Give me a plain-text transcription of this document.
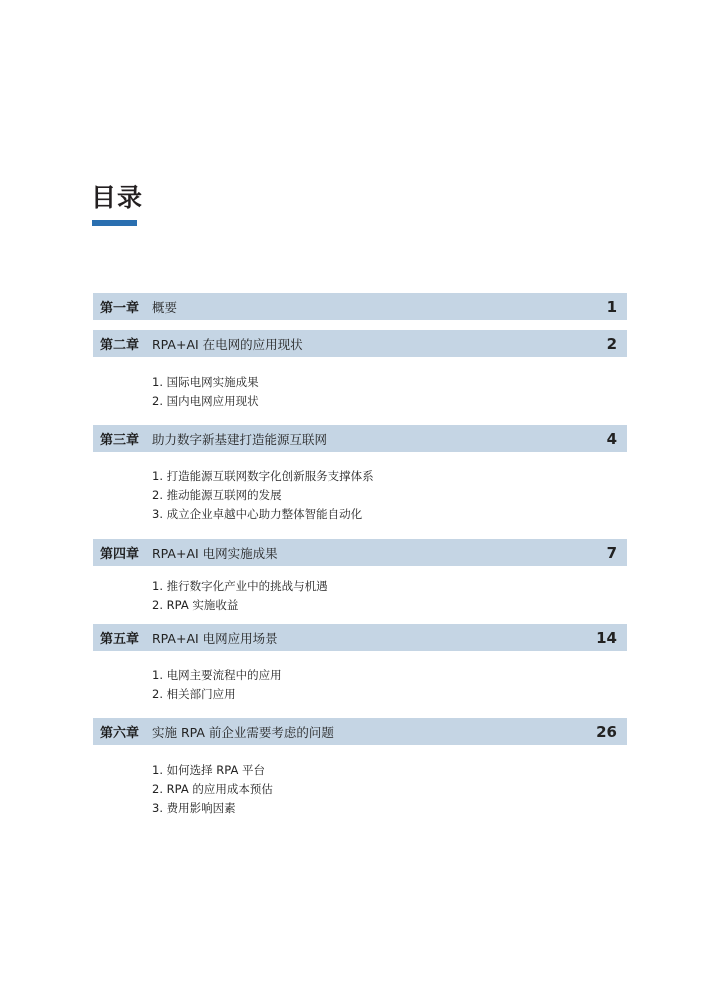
目录
第一章	概要	1
第二章	RPA+AI 在电网的应用现状	2
1. 国际电网实施成果
2. 国内电网应用现状
第三章	助力数字新基建打造能源互联网	4
1. 打造能源互联网数字化创新服务支撑体系
2. 推动能源互联网的发展
3. 成立企业卓越中心助力整体智能自动化
第四章	RPA+AI 电网实施成果	7
1. 推行数字化产业中的挑战与机遇
2. RPA 实施收益
第五章	RPA+AI 电网应用场景	14
1. 电网主要流程中的应用
2. 相关部门应用
第六章	实施 RPA 前企业需要考虑的问题	26
1. 如何选择 RPA 平台
2. RPA 的应用成本预估
3. 费用影响因素
